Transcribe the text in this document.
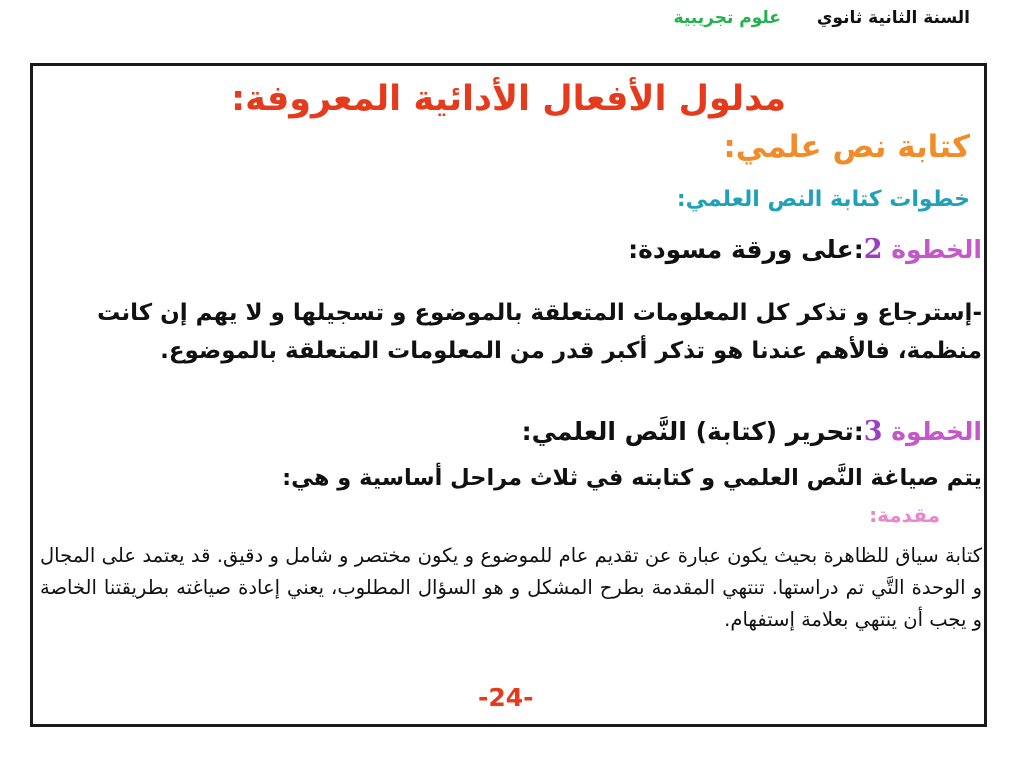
السنة الثانية ثانوي علوم تجريبية
مدلول الأفعال الأدائية المعروفة:
كتابة نص علمي:
خطوات كتابة النص العلمي:
الخطوة 2:على ورقة مسودة:
-إسترجاع و تذكر كل المعلومات المتعلقة بالموضوع و تسجيلها و لا يهم إن كانت منظمة، فالأهم عندنا هو تذكر أكبر قدر من المعلومات المتعلقة بالموضوع.
الخطوة 3:تحرير (كتابة) النَّص العلمي:
يتم صياغة النَّص العلمي و كتابته في ثلاث مراحل أساسية و هي:
مقدمة:
كتابة سياق للظاهرة بحيث يكون عبارة عن تقديم عام للموضوع و يكون مختصر و شامل و دقيق. قد يعتمد على المجال و الوحدة التَّي تم دراستها. تنتهي المقدمة بطرح المشكل و هو السؤال المطلوب، يعني إعادة صياغته بطريقتنا الخاصة و يجب أن ينتهي بعلامة إستفهام.
-24-
